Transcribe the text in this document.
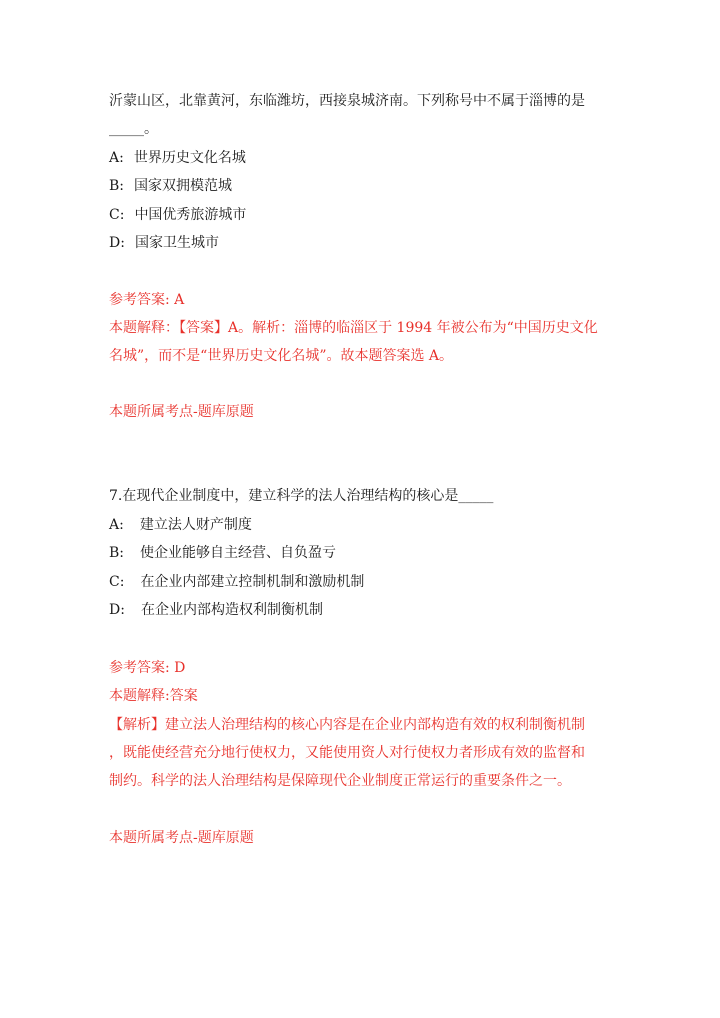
沂蒙山区，北靠黄河，东临潍坊，西接泉城济南。下列称号中不属于淄博的是
_____。
A: 世界历史文化名城
B: 国家双拥模范城
C: 中国优秀旅游城市
D: 国家卫生城市
参考答案: A
本题解释：【答案】A。解析：淄博的临淄区于 1994 年被公布为“中国历史文化
名城”，而不是“世界历史文化名城”。故本题答案选 A。
本题所属考点-题库原题
7.在现代企业制度中，建立科学的法人治理结构的核心是_____
A: 建立法人财产制度
B: 使企业能够自主经营、自负盈亏
C: 在企业内部建立控制机制和激励机制
D: 在企业内部构造权利制衡机制
参考答案: D
本题解释:答案
【解析】建立法人治理结构的核心内容是在企业内部构造有效的权利制衡机制
，既能使经营充分地行使权力，又能使用资人对行使权力者形成有效的监督和
制约。科学的法人治理结构是保障现代企业制度正常运行的重要条件之一。
本题所属考点-题库原题
